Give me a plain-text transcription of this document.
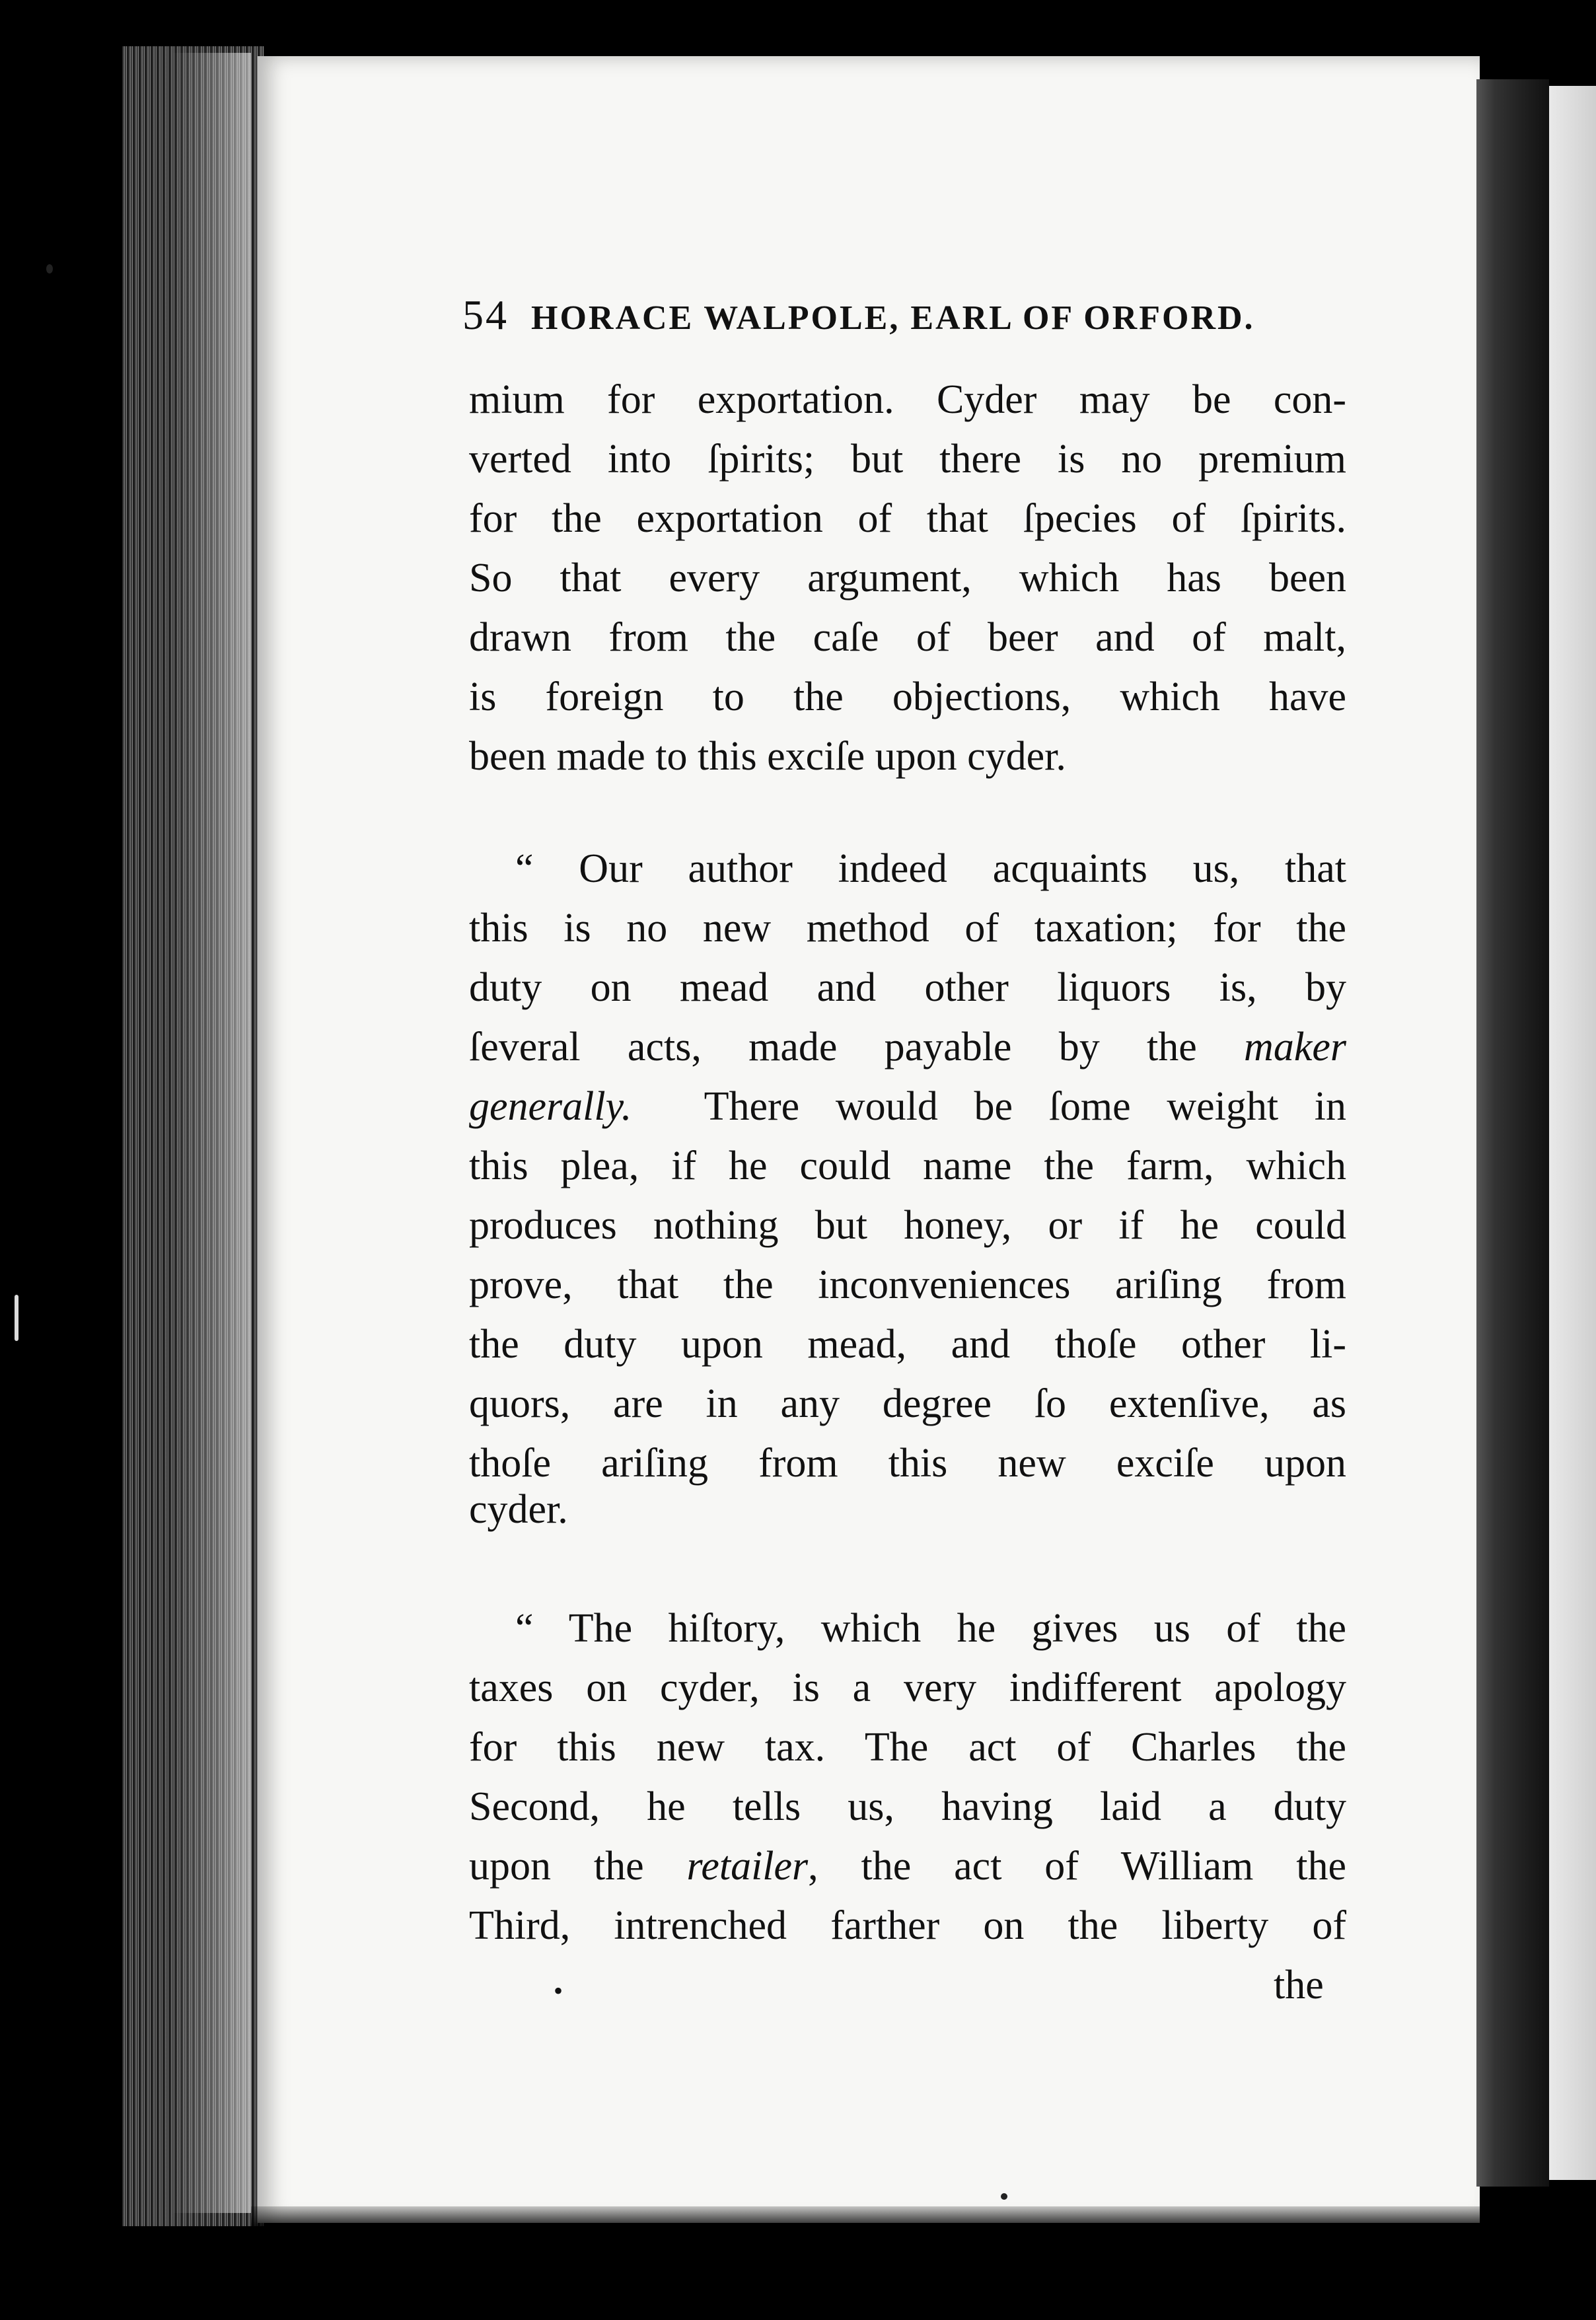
54 HORACE WALPOLE, EARL OF ORFORD.
mium for exportation. Cyder may be con-
verted into ſpirits; but there is no premium
for the exportation of that ſpecies of ſpirits.
So that every argument, which has been
drawn from the caſe of beer and of malt,
is foreign to the objections, which have
been made to this exciſe upon cyder.
“ Our author indeed acquaints us, that
this is no new method of taxation; for the
duty on mead and other liquors is, by
ſeveral acts, made payable by the maker
generally. There would be ſome weight in
this plea, if he could name the farm, which
produces nothing but honey, or if he could
prove, that the inconveniences ariſing from
the duty upon mead, and thoſe other li-
quors, are in any degree ſo extenſive, as
thoſe ariſing from this new exciſe upon
cyder.
“ The hiſtory, which he gives us of the
taxes on cyder, is a very indifferent apology
for this new tax. The act of Charles the
Second, he tells us, having laid a duty
upon the retailer, the act of William the
Third, intrenched farther on the liberty of
•	the
